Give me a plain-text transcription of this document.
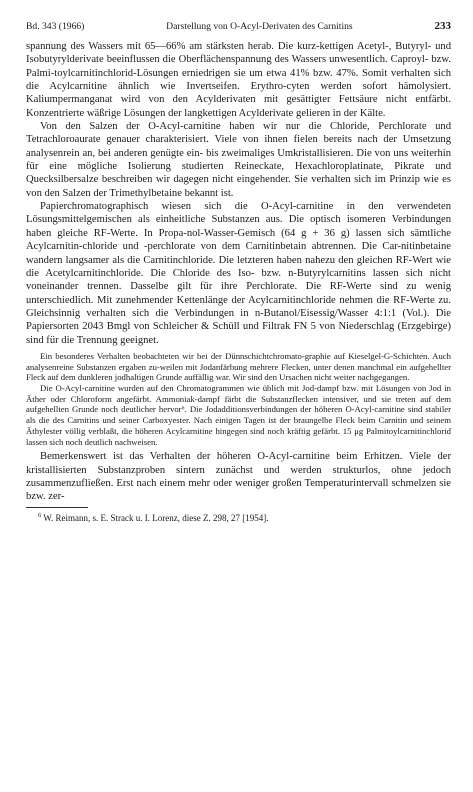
Bd. 343 (1966)	Darstellung von O-Acyl-Derivaten des Carnitins	233

spannung des Wassers mit 65—66% am stärksten herab. Die kurz-kettigen Acetyl-, Butyryl- und Isobutyrylderivate beeinflussen die Oberflächenspannung des Wassers unwesentlich. Caproyl- bzw. Palmi-toylcarnitinchlorid-Lösungen erniedrigen sie um etwa 41% bzw. 47%. Somit verhalten sich die Acylcarnitine ähnlich wie Invertseifen. Erythro-cyten werden sofort hämolysiert. Kaliumpermanganat wird von den Acylderivaten mit gesättigter Fettsäure nicht entfärbt. Konzentrierte wäßrige Lösungen der langkettigen Acylderivate gelieren in der Kälte.

Von den Salzen der O-Acyl-carnitine haben wir nur die Chloride, Perchlorate und Tetrachloroaurate genauer charakterisiert. Viele von ihnen fielen bereits nach der Umsetzung analysenrein an, bei anderen genügte ein- bis zweimaliges Umkristallisieren. Die von uns weiterhin für eine mögliche Isolierung studierten Reineckate, Hexachloroplatinate, Pikrate und Quecksilbersalze beschreiben wir dagegen nicht eingehender. Sie verhalten sich im Prinzip wie es von den Salzen der Trimethylbetaine bekannt ist.

Papierchromatographisch wiesen sich die O-Acyl-carnitine in den verwendeten Lösungsmittelgemischen als einheitliche Substanzen aus. Die optisch isomeren Verbindungen haben gleiche RF-Werte. In Propa-nol-Wasser-Gemisch (64 g + 36 g) lassen sich sämtliche Acylcarnitin-chloride und -perchlorate von dem Carnitinbetain abtrennen. Die Car-nitinbetaine wandern langsamer als die Carnitinchloride. Die letzteren haben nahezu den gleichen RF-Wert wie die Acetylcarnitinchloride. Die Chloride des Iso- bzw. n-Butyrylcarnitins lassen sich nicht voneinander trennen. Dasselbe gilt für ihre Perchlorate. Die RF-Werte sind zu wenig unterschiedlich. Mit zunehmender Kettenlänge der Acylcarnitinchloride nehmen die RF-Werte zu. Gleichsinnig verhalten sich die Verbindungen in n-Butanol/Eisessig/Wasser 4:1:1 (Vol.). Die Papiersorten 2043 Bmgl von Schleicher & Schüll und Filtrak FN 5 von Niederschlag (Erzgebirge) sind für die Trennung geeignet.

Ein besonderes Verhalten beobachteten wir bei der Dünnschichtchromato-graphie auf Kieselgel-G-Schichten. Auch analysenreine Substanzen ergaben zu-weilen mit Jodanfärbung mehrere Flecken, unter denen manchmal ein aufgehellter Fleck auf dem dunkleren jodhaltigen Grunde auffällig war. Wir sind den Ursachen nicht weiter nachgegangen.

Die O-Acyl-carnitine wurden auf den Chromatogrammen wie üblich mit Jod-dampf bzw. mit Lösungen von Jod in Äther oder Chloroform angefärbt. Ammoniak-dampf färbt die Substanzflecken intensiver, und sie treten auf dem aufgehellten Grunde noch deutlicher hervor⁶. Die Jodadditionsverbindungen der höheren O-Acyl-carnitine sind stabiler als die des Carnitins und seiner Carboxyester. Nach einigen Tagen ist der braungelbe Fleck beim Carnitin und seinem Äthylester völlig verblaßt, die höheren Acylcarnitine hingegen sind noch kräftig gefärbt. 15 μg Palmitoylcarnitinchlorid lassen sich noch deutlich nachweisen.

Bemerkenswert ist das Verhalten der höheren O-Acyl-carnitine beim Erhitzen. Viele der kristallisierten Substanzproben sintern zunächst und werden strukturlos, ohne jedoch zusammenzufließen. Erst nach einem mehr oder weniger großen Temperaturintervall schmelzen sie bzw. zer-

$^6$ W. Reimann, s. E. Strack u. I. Lorenz, diese Z. 298, 27 [1954].
